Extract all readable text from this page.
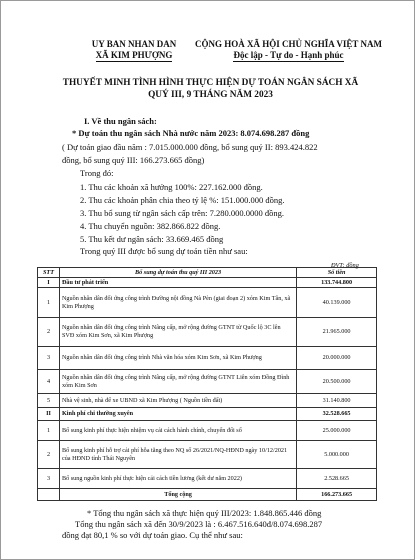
UY BAN NHAN DAN
XÃ KIM PHƯỢNG
CỘNG HOÀ XÃ HỘI CHỦ NGHĨA VIỆT NAM
Độc lập - Tự do - Hạnh phúc
THUYẾT MINH TÌNH HÌNH THỰC HIỆN DỰ TOÁN NGÂN SÁCH XÃ
QUÝ III, 9 THÁNG NĂM 2023
I. Về thu ngân sách:
* Dự toán thu ngân sách Nhà nước năm 2023: 8.074.698.287 đồng
( Dự toán giao đầu năm : 7.015.000.000 đồng, bổ sung quý II: 893.424.822
đồng, bổ sung quý III: 166.273.665 đồng)
Trong đó:
1. Thu các khoản xã hưởng 100%: 227.162.000 đồng.
2. Thu các khoản phân chia theo tỷ lệ %: 151.000.000 đồng.
3. Thu bổ sung từ ngân sách cấp trên: 7.280.000.0000 đồng.
4. Thu chuyển nguồn: 382.866.822 đồng.
5. Thu kết dư ngân sách: 33.669.465 đồng
Trong quý III được bổ sung dự toán tiền như sau:
ĐVT: đồng
STT	Bổ sung dự toán thu quý III 2023	Số tiền
I	Đầu tư phát triển	133.744.800
1	Nguồn nhân dân đối ứng công trình Đường nội đồng Nà Pèn (giai đoạn 2) xóm Kim Tân, xã Kim Phượng	40.139.000
2	Nguồn nhân dân đối ứng công trình Nâng cấp, mở rộng đường GTNT từ Quốc lộ 3C lên SVĐ xóm Kim Sơn, xã Kim Phượng	21.965.000
3	Nguồn nhân dân đối ứng công trình Nhà văn hóa xóm Kim Sơn, xã Kim Phượng	20.000.000
4	Nguồn nhân dân đối ứng công trình Nâng cấp, mở rộng đường GTNT Liên xóm Đồng Đình xóm Kim Sơn	20.500.000
5	Nhà vệ sinh, nhà để xe UBND xã Kim Phượng ( Nguồn tiền đất)	31.140.800
II	Kinh phí chi thường xuyên	32.528.665
1	Bổ sung kinh phí thực hiện nhiệm vụ cải cách hành chính, chuyển đổi số	25.000.000
2	Bổ sung kinh phí hỗ trợ cải phí hỗa tăng theo NQ số 26/2021/NQ-HĐND ngày 10/12/2021 của HĐND tỉnh Thái Nguyên	5.000.000
3	Bổ sung nguồn kinh phí thực hiện cải cách tiền lương (kết dư năm 2022)	2.528.665
	Tổng cộng	166.273.665
* Tổng thu ngân sách xã thực hiện quý III/2023: 1.848.865.446 đồng
Tổng thu ngân sách xã đến 30/9/2023 là : 6.467.516.640đ/8.074.698.287
đồng đạt 80,1 % so với dự toán giao. Cụ thể như sau:
